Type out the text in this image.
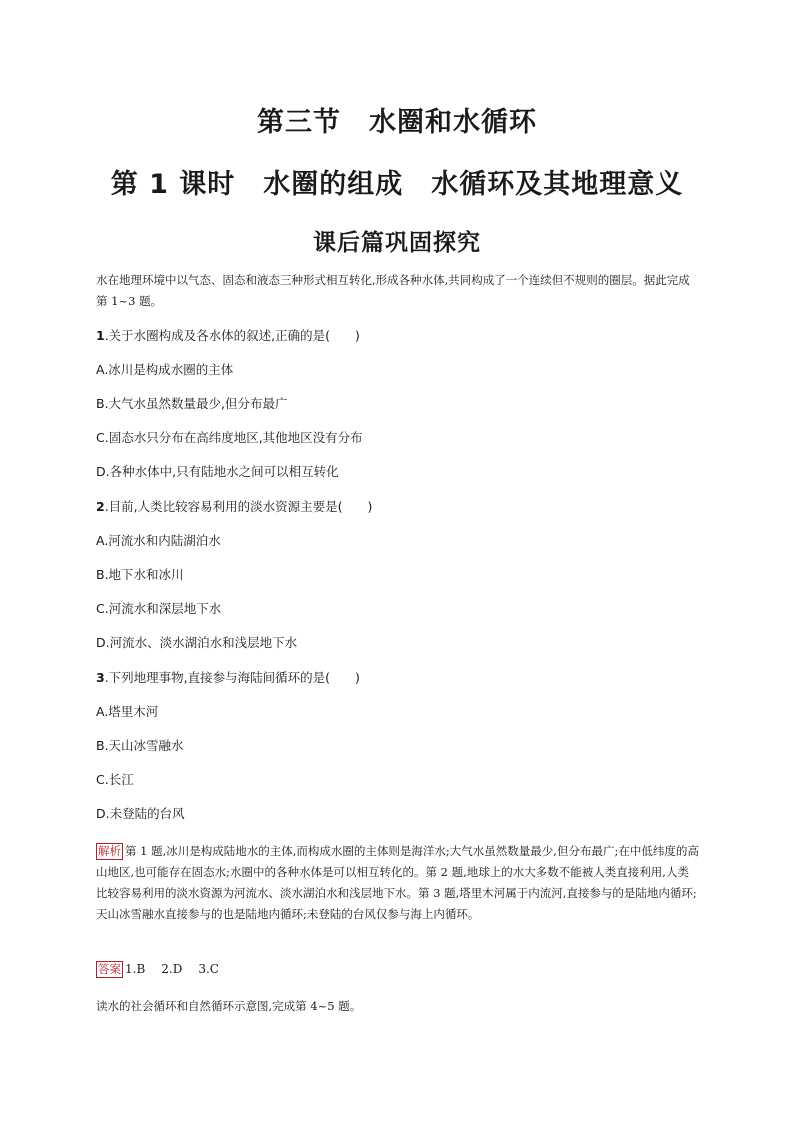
第三节 水圈和水循环
第 1 课时 水圈的组成 水循环及其地理意义
课后篇巩固探究
水在地理环境中以气态、固态和液态三种形式相互转化,形成各种水体,共同构成了一个连续但不规则的圈层。据此完成第 1~3 题。
1.关于水圈构成及各水体的叙述,正确的是(　　)
A.冰川是构成水圈的主体
B.大气水虽然数量最少,但分布最广
C.固态水只分布在高纬度地区,其他地区没有分布
D.各种水体中,只有陆地水之间可以相互转化
2.目前,人类比较容易利用的淡水资源主要是(　　)
A.河流水和内陆湖泊水
B.地下水和冰川
C.河流水和深层地下水
D.河流水、淡水湖泊水和浅层地下水
3.下列地理事物,直接参与海陆间循环的是(　　)
A.塔里木河
B.天山冰雪融水
C.长江
D.未登陆的台风
解析 第 1 题,冰川是构成陆地水的主体,而构成水圈的主体则是海洋水;大气水虽然数量最少,但分布最广;在中低纬度的高山地区,也可能存在固态水;水圈中的各种水体是可以相互转化的。第 2 题,地球上的水大多数不能被人类直接利用,人类比较容易利用的淡水资源为河流水、淡水湖泊水和浅层地下水。第 3 题,塔里木河属于内流河,直接参与的是陆地内循环;天山冰雪融水直接参与的也是陆地内循环;未登陆的台风仅参与海上内循环。
答案 1.B 2.D 3.C
读水的社会循环和自然循环示意图,完成第 4~5 题。
